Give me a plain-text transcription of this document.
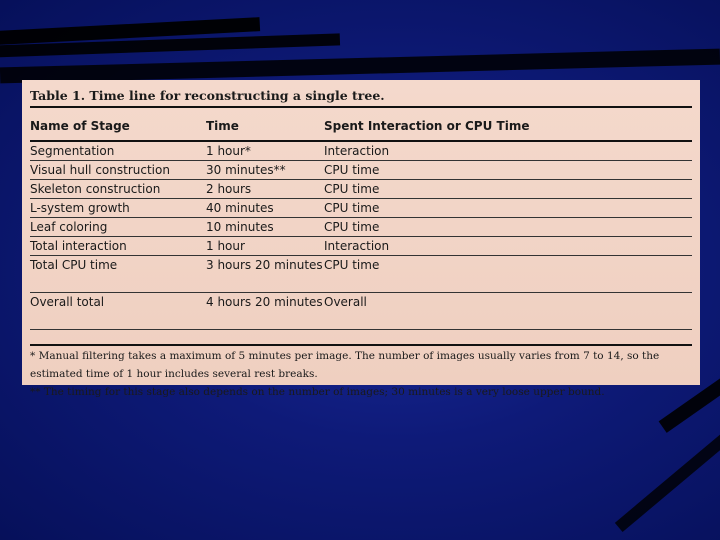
Table 1. Time line for reconstructing a single tree.
Name of Stage	Time	Spent Interaction or CPU Time
Segmentation	1 hour*	Interaction
Visual hull construction	30 minutes**	CPU time
Skeleton construction	2 hours	CPU time
L-system growth	40 minutes	CPU time
Leaf coloring	10 minutes	CPU time
Total interaction	1 hour	Interaction
Total CPU time	3 hours 20 minutes	CPU time
Overall total	4 hours 20 minutes	Overall
* Manual filtering takes a maximum of 5 minutes per image. The number of images usually varies from 7 to 14, so the estimated time of 1 hour includes several rest breaks.
** The timing for this stage also depends on the number of images; 30 minutes is a very loose upper bound.
